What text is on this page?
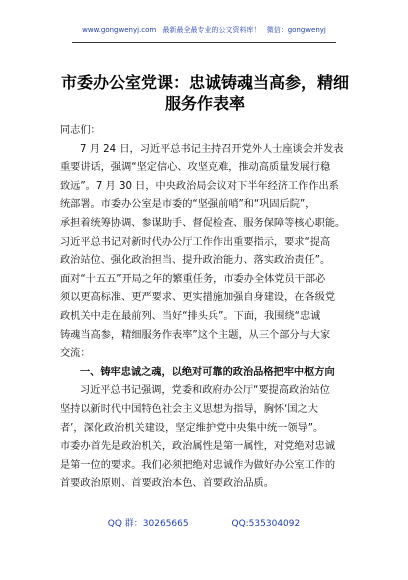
www.gongwenyj.com 最新最全最专业的公文资料库！ 微信：gongwenyj
市委办公室党课：忠诚铸魂当高参，精细
服务作表率
同志们：
7 月 24 日，习近平总书记主持召开党外人士座谈会并发表
重要讲话，强调“坚定信心、攻坚克难，推动高质量发展行稳
致远”。7 月 30 日，中央政治局会议对下半年经济工作作出系
统部署。市委办公室是市委的“坚强前哨”和“巩固后院”，
承担着统筹协调、参谋助手、督促检查、服务保障等核心职能。
习近平总书记对新时代办公厅工作作出重要指示，要求“提高
政治站位、强化政治担当、提升政治能力、落实政治责任”。
面对“十五五”开局之年的繁重任务，市委办全体党员干部必
须以更高标准、更严要求、更实措施加强自身建设，在各级党
政机关中走在最前列、当好“排头兵”。下面，我围绕“忠诚
铸魂当高参，精细服务作表率”这个主题，从三个部分与大家
交流：
一、铸牢忠诚之魂，以绝对可靠的政治品格把牢中枢方向
习近平总书记强调，党委和政府办公厅“要提高政治站位
坚持以新时代中国特色社会主义思想为指导，胸怀‘国之大
者’，深化政治机关建设，坚定维护党中央集中统一领导”。
市委办首先是政治机关，政治属性是第一属性，对党绝对忠诚
是第一位的要求。我们必须把绝对忠诚作为做好办公室工作的
首要政治原则、首要政治本色、首要政治品质。
QQ 群：30265665	QQ:535304092
